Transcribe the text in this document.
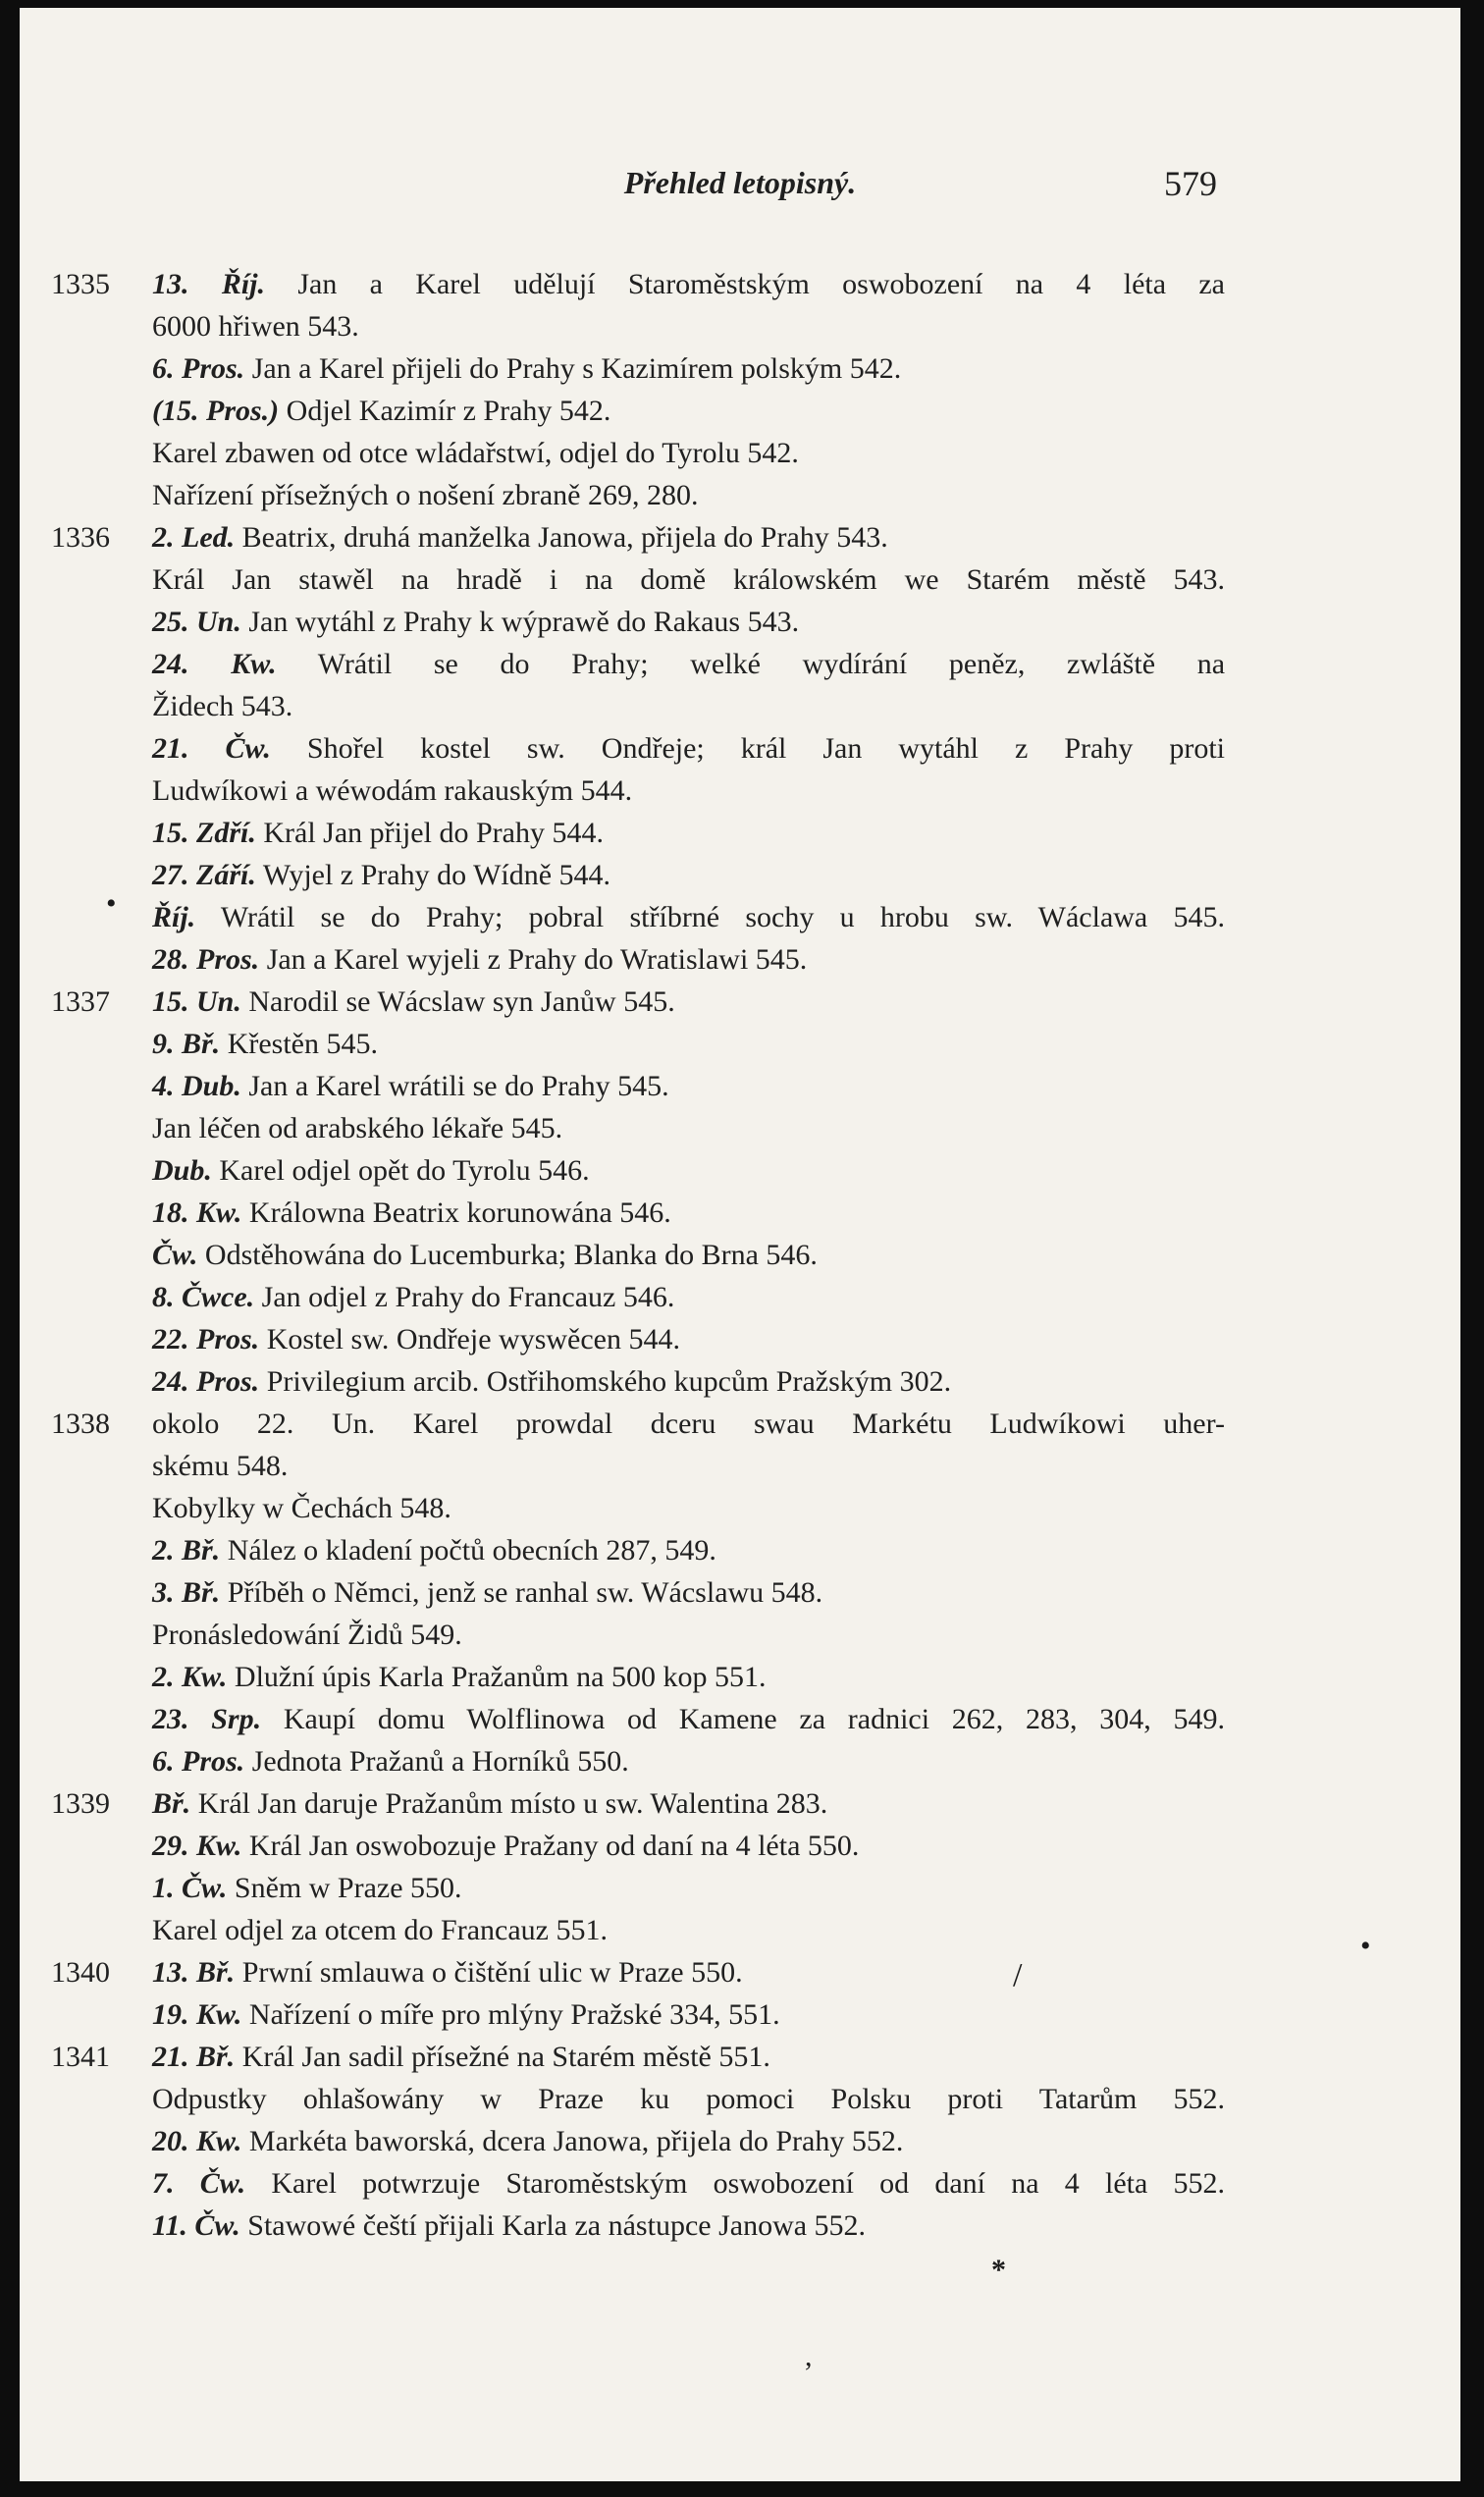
Přehled letopisný.	579
1335 13. Říj. Jan a Karel udělují Staroměstským oswobození na 4 léta za
6000 hřiwen 543.
6. Pros. Jan a Karel přijeli do Prahy s Kazimírem polským 542.
(15. Pros.) Odjel Kazimír z Prahy 542.
Karel zbawen od otce wládařstwí, odjel do Tyrolu 542.
Nařízení přísežných o nošení zbraně 269, 280.
1336 2. Led. Beatrix, druhá manželka Janowa, přijela do Prahy 543.
Král Jan stawěl na hradě i na domě králowském we Starém městě 543.
25. Un. Jan wytáhl z Prahy k wýprawě do Rakaus 543.
24. Kw. Wrátil se do Prahy; welké wydírání peněz, zwláště na
Židech 543.
21. Čw. Shořel kostel sw. Ondřeje; král Jan wytáhl z Prahy proti
Ludwíkowi a wéwodám rakauským 544.
15. Zdří. Král Jan přijel do Prahy 544.
27. Září. Wyjel z Prahy do Wídně 544.
Říj. Wrátil se do Prahy; pobral stříbrné sochy u hrobu sw. Wáclawa 545.
28. Pros. Jan a Karel wyjeli z Prahy do Wratislawi 545.
1337 15. Un. Narodil se Wácslaw syn Janůw 545.
9. Bř. Křestěn 545.
4. Dub. Jan a Karel wrátili se do Prahy 545.
Jan léčen od arabského lékaře 545.
Dub. Karel odjel opět do Tyrolu 546.
18. Kw. Králowna Beatrix korunowána 546.
Čw. Odstěhowána do Lucemburka; Blanka do Brna 546.
8. Čwce. Jan odjel z Prahy do Francauz 546.
22. Pros. Kostel sw. Ondřeje wyswěcen 544.
24. Pros. Privilegium arcib. Ostřihomského kupcům Pražským 302.
1338 okolo 22. Un. Karel prowdal dceru swau Markétu Ludwíkowi uher-
skému 548.
Kobylky w Čechách 548.
2. Bř. Nález o kladení počtů obecních 287, 549.
3. Bř. Příběh o Němci, jenž se ranhal sw. Wácslawu 548.
Pronásledowání Židů 549.
2. Kw. Dlužní úpis Karla Pražanům na 500 kop 551.
23. Srp. Kaupí domu Wolflinowa od Kamene za radnici 262, 283, 304, 549.
6. Pros. Jednota Pražanů a Horníků 550.
1339 Bř. Král Jan daruje Pražanům místo u sw. Walentina 283.
29. Kw. Král Jan oswobozuje Pražany od daní na 4 léta 550.
1. Čw. Sněm w Praze 550.
Karel odjel za otcem do Francauz 551.
1340 13. Bř. Prwní smlauwa o čištění ulic w Praze 550.
19. Kw. Nařízení o míře pro mlýny Pražské 334, 551.
1341 21. Bř. Král Jan sadil přísežné na Starém městě 551.
Odpustky ohlašowány w Praze ku pomoci Polsku proti Tatarům 552.
20. Kw. Markéta baworská, dcera Janowa, přijela do Prahy 552.
7. Čw. Karel potwrzuje Staroměstským oswobození od daní na 4 léta 552.
11. Čw. Stawowé čeští přijali Karla za nástupce Janowa 552.
•
•
/
,
*
